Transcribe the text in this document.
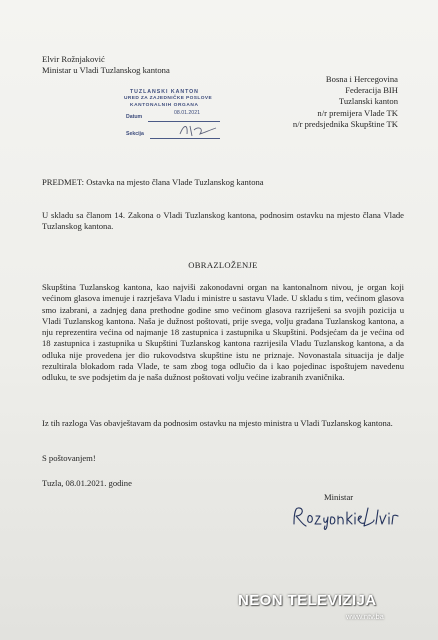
Elvir Rožnjaković
Ministar u Vladi Tuzlanskog kantona
TUZLANSKI KANTON
URED ZA ZAJEDNIČKE POSLOVE
KANTONALNIH ORGANA
Datum
08.01.2021
Sekcija
Bosna i Hercegovina
Federacija BIH
Tuzlanski kanton
n/r premijera Vlade TK
n/r predsjednika Skupštine TK
PREDMET: Ostavka na mjesto člana Vlade Tuzlanskog kantona
U skladu sa članom 14. Zakona o Vladi Tuzlanskog kantona, podnosim ostavku na mjesto člana Vlade Tuzlanskog kantona.
OBRAZLOŽENJE
Skupština Tuzlanskog kantona, kao najviši zakonodavni organ na kantonalnom nivou, je organ koji većinom glasova imenuje i razrješava Vladu i ministre u sastavu Vlade. U skladu s tim, većinom glasova smo izabrani, a zadnjeg dana prethodne godine smo većinom glasova razriješeni sa svojih pozicija u Vladi Tuzlanskog kantona. Naša je dužnost poštovati, prije svega, volju građana Tuzlanskog kantona, a nju reprezentira većina od najmanje 18 zastupnica i zastupnika u Skupštini. Podsjećam da je većina od 18 zastupnica i zastupnika u Skupštini Tuzlanskog kantona razrijesila Vladu Tuzlanskog kantona, a da odluka nije provedena jer dio rukovodstva skupštine istu ne priznaje. Novonastala situacija je dalje rezultirala blokadom rada Vlade, te sam zbog toga odlučio da i kao pojedinac ispoštujem navedenu odluku, te sve podsjetim da je naša dužnost poštovati volju većine izabranih zvaničnika.
Iz tih razloga Vas obavještavam da podnosim ostavku na mjesto ministra u Vladi Tuzlanskog kantona.
S poštovanjem!
Tuzla, 08.01.2021. godine
Ministar
NEON TELEVIZIJA
www.ntv.ba
